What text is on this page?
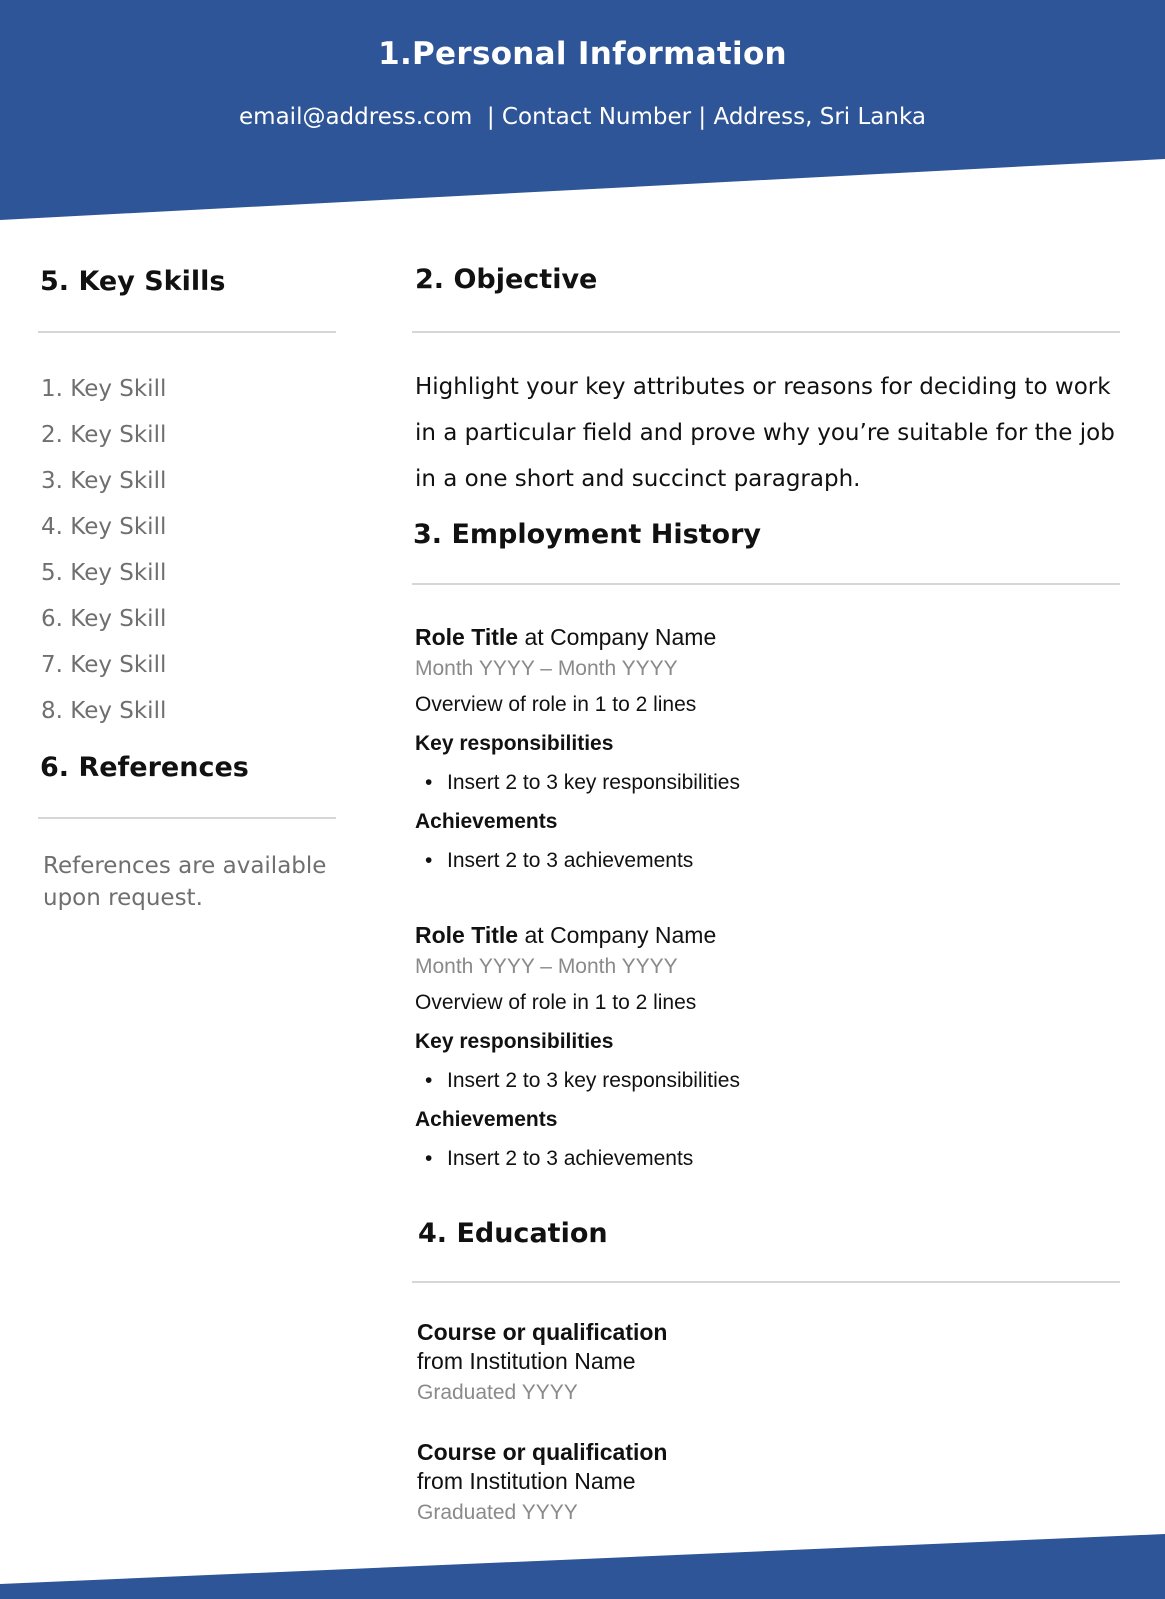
1.Personal Information
email@address.com  | Contact Number | Address, Sri Lanka
5. Key Skills
1. Key Skill
2. Key Skill
3. Key Skill
4. Key Skill
5. Key Skill
6. Key Skill
7. Key Skill
8. Key Skill
6. References
References are available upon request.
2. Objective
Highlight your key attributes or reasons for deciding to work in a particular field and prove why you’re suitable for the job in a one short and succinct paragraph.
3. Employment History
Role Title at Company Name
Month YYYY – Month YYYY
Overview of role in 1 to 2 lines
Key responsibilities
• Insert 2 to 3 key responsibilities
Achievements
• Insert 2 to 3 achievements
Role Title at Company Name
Month YYYY – Month YYYY
Overview of role in 1 to 2 lines
Key responsibilities
• Insert 2 to 3 key responsibilities
Achievements
• Insert 2 to 3 achievements
4. Education
Course or qualification
from Institution Name
Graduated YYYY
Course or qualification
from Institution Name
Graduated YYYY
